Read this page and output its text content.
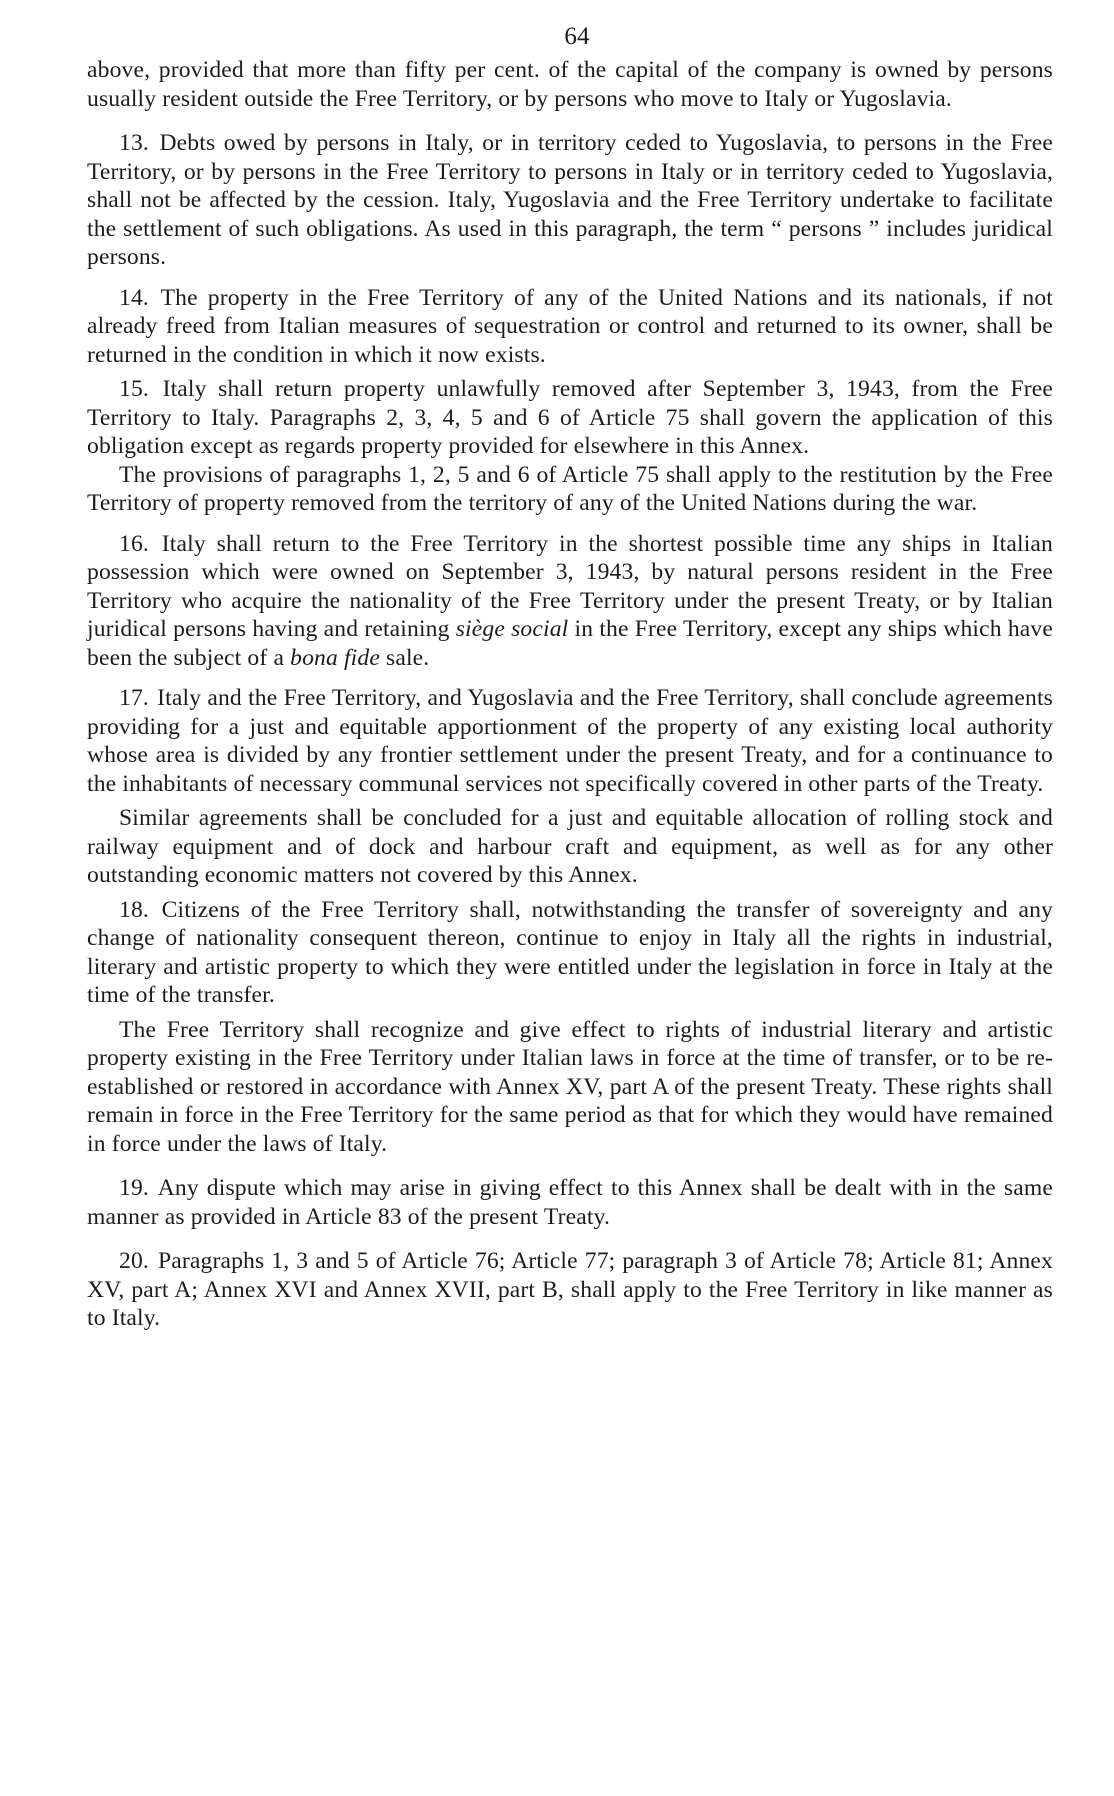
64

above, provided that more than fifty per cent. of the capital of the company is owned by persons usually resident outside the Free Territory, or by persons who move to Italy or Yugoslavia.

13. Debts owed by persons in Italy, or in territory ceded to Yugoslavia, to persons in the Free Territory, or by persons in the Free Territory to persons in Italy or in territory ceded to Yugoslavia, shall not be affected by the cession. Italy, Yugoslavia and the Free Territory undertake to facilitate the settlement of such obligations. As used in this paragraph, the term “ persons ” includes juridical persons.

14. The property in the Free Territory of any of the United Nations and its nationals, if not already freed from Italian measures of sequestration or control and returned to its owner, shall be returned in the condition in which it now exists.

15. Italy shall return property unlawfully removed after September 3, 1943, from the Free Territory to Italy. Paragraphs 2, 3, 4, 5 and 6 of Article 75 shall govern the application of this obligation except as regards property provided for elsewhere in this Annex.

The provisions of paragraphs 1, 2, 5 and 6 of Article 75 shall apply to the restitution by the Free Territory of property removed from the territory of any of the United Nations during the war.

16. Italy shall return to the Free Territory in the shortest possible time any ships in Italian possession which were owned on September 3, 1943, by natural persons resident in the Free Territory who acquire the nationality of the Free Territory under the present Treaty, or by Italian juridical persons having and retaining siège social in the Free Territory, except any ships which have been the subject of a bona fide sale.

17. Italy and the Free Territory, and Yugoslavia and the Free Territory, shall conclude agreements providing for a just and equitable apportionment of the property of any existing local authority whose area is divided by any frontier settlement under the present Treaty, and for a continuance to the inhabitants of necessary communal services not specifically covered in other parts of the Treaty.

Similar agreements shall be concluded for a just and equitable allocation of rolling stock and railway equipment and of dock and harbour craft and equipment, as well as for any other outstanding economic matters not covered by this Annex.

18. Citizens of the Free Territory shall, notwithstanding the transfer of sovereignty and any change of nationality consequent thereon, continue to enjoy in Italy all the rights in industrial, literary and artistic property to which they were entitled under the legislation in force in Italy at the time of the transfer.

The Free Territory shall recognize and give effect to rights of industrial literary and artistic property existing in the Free Territory under Italian laws in force at the time of transfer, or to be re-established or restored in accordance with Annex XV, part A of the present Treaty. These rights shall remain in force in the Free Territory for the same period as that for which they would have remained in force under the laws of Italy.

19. Any dispute which may arise in giving effect to this Annex shall be dealt with in the same manner as provided in Article 83 of the present Treaty.

20. Paragraphs 1, 3 and 5 of Article 76; Article 77; paragraph 3 of Article 78; Article 81; Annex XV, part A; Annex XVI and Annex XVII, part B, shall apply to the Free Territory in like manner as to Italy.
